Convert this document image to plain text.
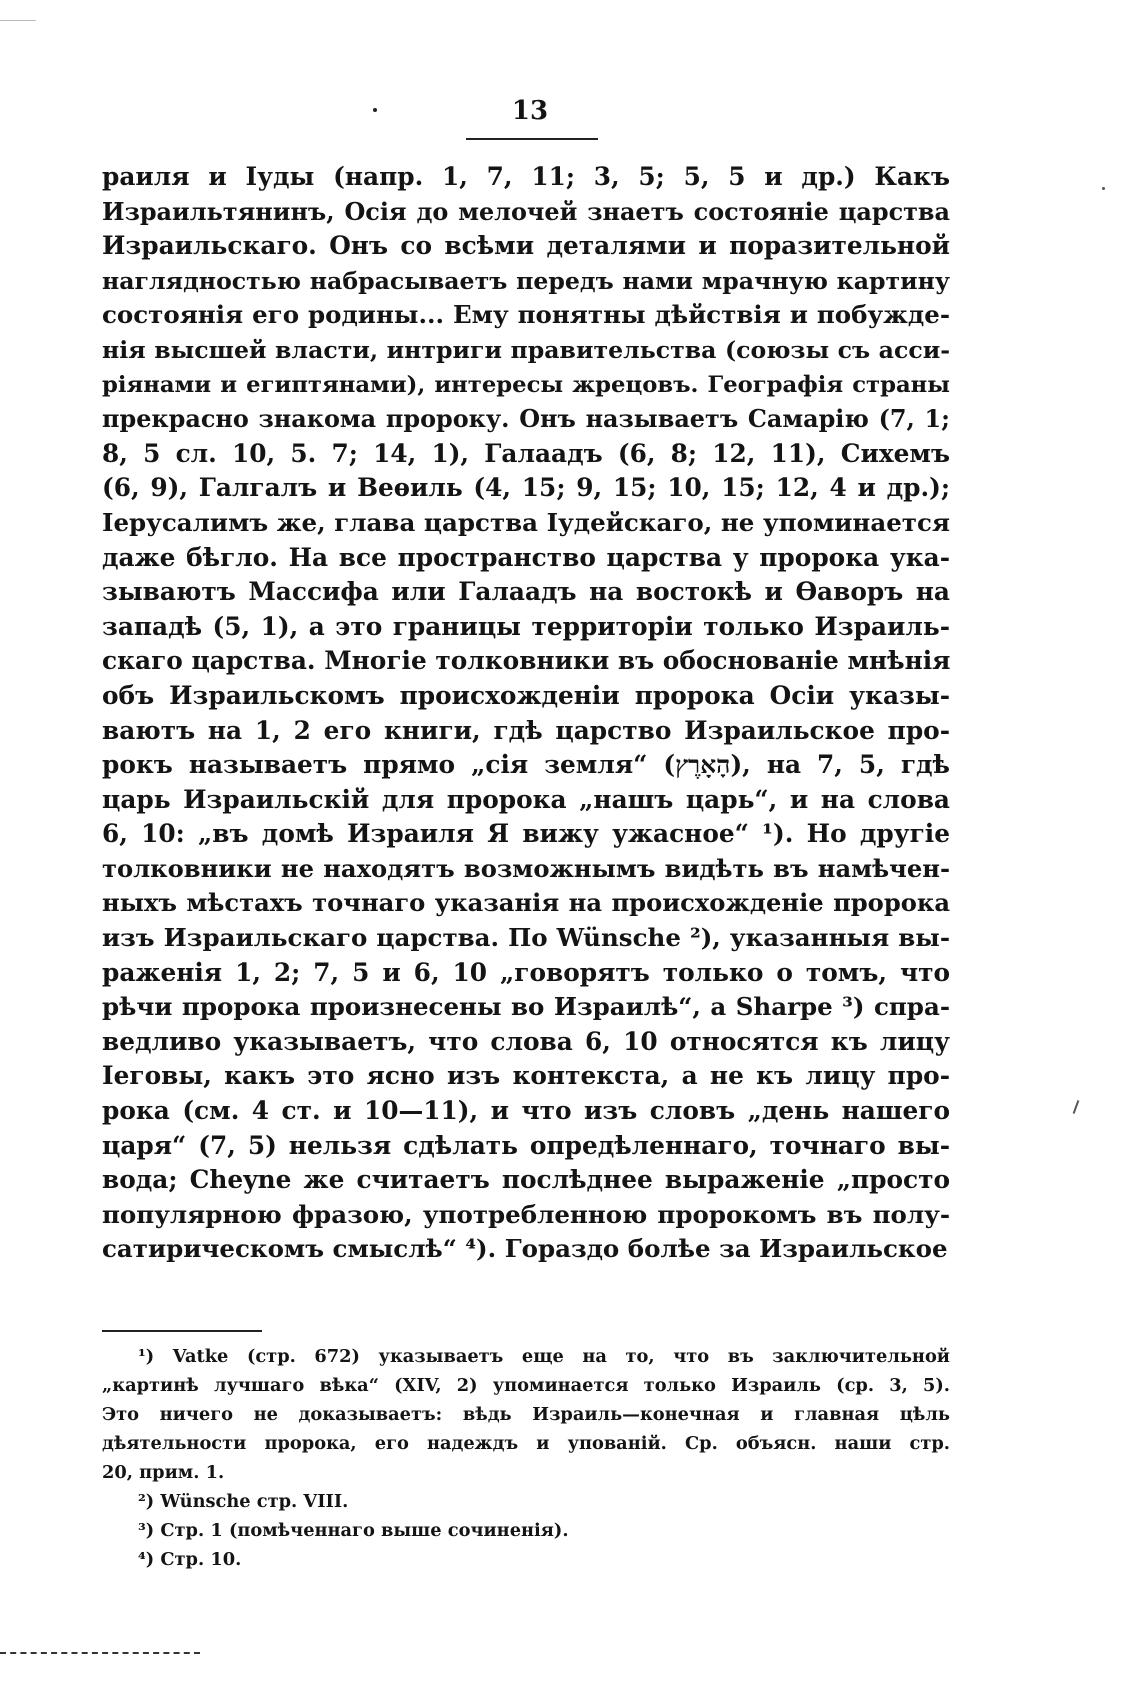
13
раиля и Іуды (напр. 1, 7, 11; 3, 5; 5, 5 и др.) Какъ
Израильтянинъ, Осія до мелочей знаетъ состояніе царства
Израильскаго. Онъ со всѣми деталями и поразительной
наглядностью набрасываетъ передъ нами мрачную картину
состоянія его родины... Ему понятны дѣйствія и побужде-
нія высшей власти, интриги правительства (союзы съ асси-
ріянами и египтянами), интересы жрецовъ. Географія страны
прекрасно знакома пророку. Онъ называетъ Самарію (7, 1;
8, 5 сл. 10, 5. 7; 14, 1), Галаадъ (6, 8; 12, 11), Сихемъ
(6, 9), Галгалъ и Веѳиль (4, 15; 9, 15; 10, 15; 12, 4 и др.);
Іерусалимъ же, глава царства Іудейскаго, не упоминается
даже бѣгло. На все пространство царства у пророка ука-
зываютъ Массифа или Галаадъ на востокѣ и Ѳаворъ на
западѣ (5, 1), а это границы территоріи только Израиль-
скаго царства. Многіе толковники въ обоснованіе мнѣнія
объ Израильскомъ происхожденіи пророка Осіи указы-
ваютъ на 1, 2 его книги, гдѣ царство Израильское про-
рокъ называетъ прямо „сія земля“ (הָאָרֶץ), на 7, 5, гдѣ
царь Израильскій для пророка „нашъ царь“, и на слова
6, 10: „въ домѣ Израиля Я вижу ужасное“ ¹). Но другіе
толковники не находятъ возможнымъ видѣть въ намѣчен-
ныхъ мѣстахъ точнаго указанія на происхожденіе пророка
изъ Израильскаго царства. По Wünsche ²), указанныя вы-
раженія 1, 2; 7, 5 и 6, 10 „говорятъ только о томъ, что
рѣчи пророка произнесены во Израилѣ“, а Sharpe ³) спра-
ведливо указываетъ, что слова 6, 10 относятся къ лицу
Іеговы, какъ это ясно изъ контекста, а не къ лицу про-
рока (см. 4 ст. и 10—11), и что изъ словъ „день нашего
царя“ (7, 5) нельзя сдѣлать опредѣленнаго, точнаго вы-
вода; Cheyne же считаетъ послѣднее выраженіе „просто
популярною фразою, употребленною пророкомъ въ полу-
сатирическомъ смыслѣ“ ⁴). Гораздо болѣе за Израильское
¹) Vatke (стр. 672) указываетъ еще на то, что въ заключительной
„картинѣ лучшаго вѣка“ (XIV, 2) упоминается только Израиль (ср. 3, 5).
Это ничего не доказываетъ: вѣдь Израиль—конечная и главная цѣль
дѣятельности пророка, его надеждъ и упованій. Ср. объясн. наши стр.
20, прим. 1.
²) Wünsche стр. VIII.
³) Стр. 1 (помѣченнаго выше сочиненія).
⁴) Стр. 10.
